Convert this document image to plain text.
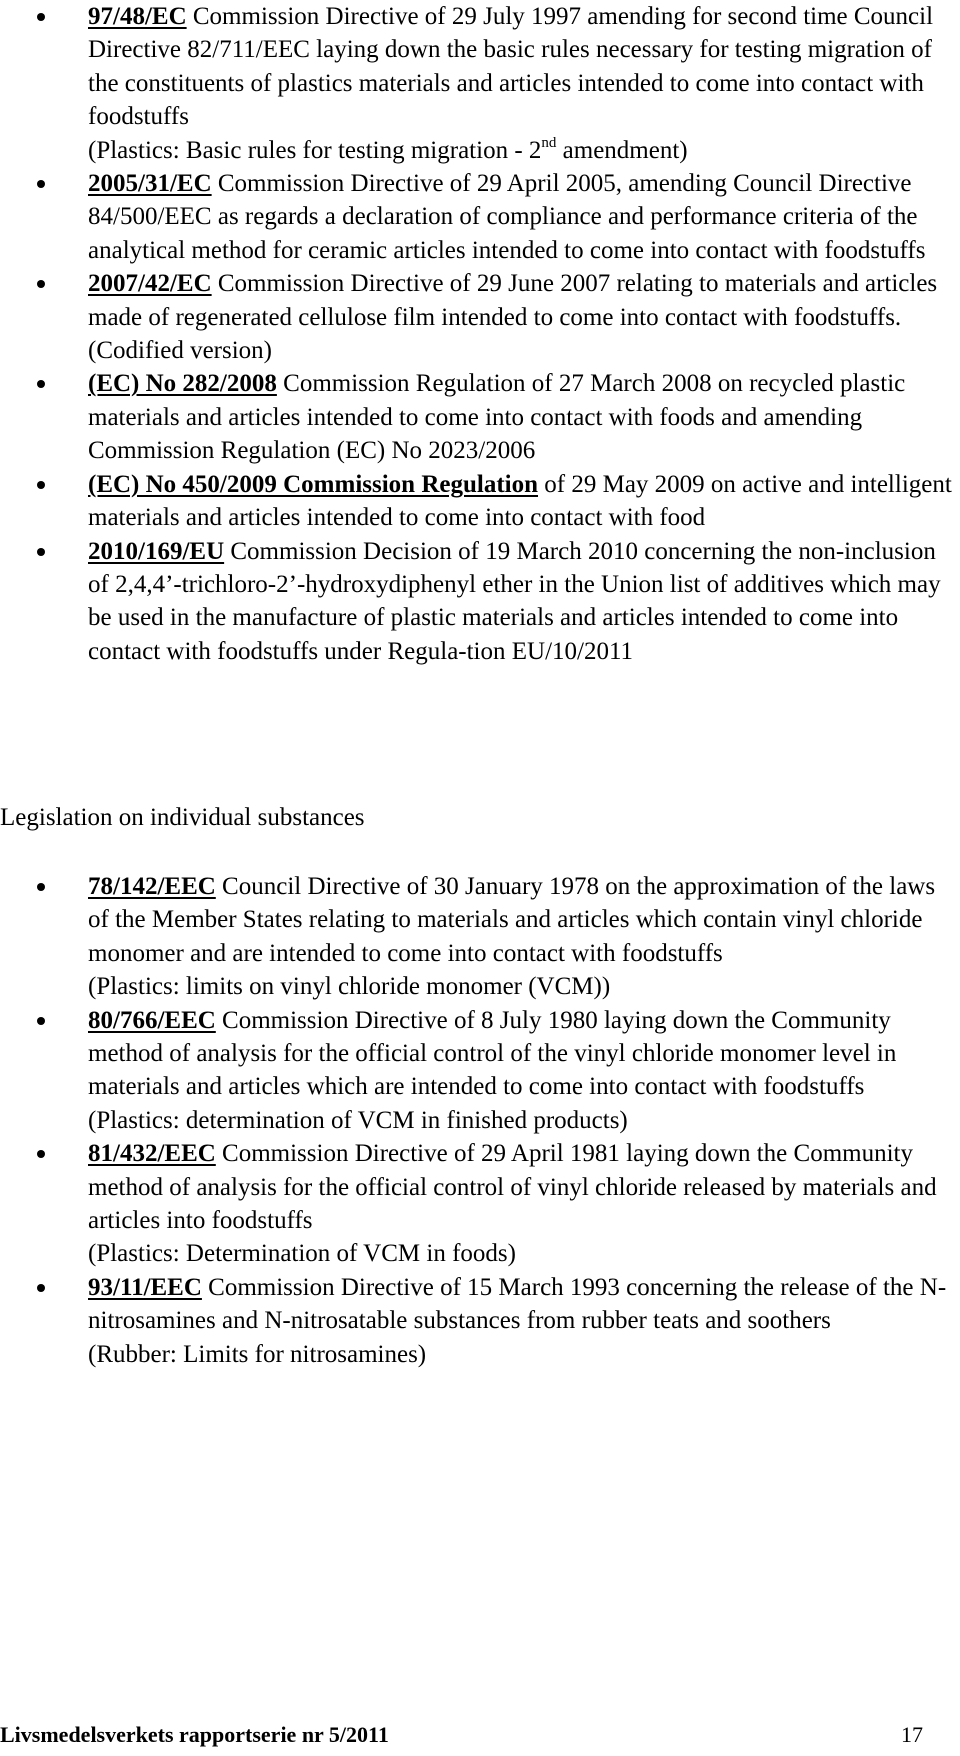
97/48/EC Commission Directive of 29 July 1997 amending for second time Council Directive 82/711/EEC laying down the basic rules necessary for testing migration of the constituents of plastics materials and articles intended to come into contact with foodstuffs
(Plastics: Basic rules for testing migration - 2nd amendment)
2005/31/EC Commission Directive of 29 April 2005, amending Council Directive 84/500/EEC as regards a declaration of compliance and performance criteria of the analytical method for ceramic articles intended to come into contact with foodstuffs
2007/42/EC Commission Directive of 29 June 2007 relating to materials and articles made of regenerated cellulose film intended to come into contact with foodstuffs. (Codified version)
(EC) No 282/2008 Commission Regulation of 27 March 2008 on recycled plastic materials and articles intended to come into contact with foods and amending Commission Regulation (EC) No 2023/2006
(EC) No 450/2009 Commission Regulation of 29 May 2009 on active and intelligent materials and articles intended to come into contact with food
2010/169/EU Commission Decision of 19 March 2010 concerning the non-inclusion of 2,4,4’-trichloro-2’-hydroxydiphenyl ether in the Union list of additives which may be used in the manufacture of plastic materials and articles intended to come into contact with foodstuffs under Regula-tion EU/10/2011
Legislation on individual substances
78/142/EEC Council Directive of 30 January 1978 on the approximation of the laws of the Member States relating to materials and articles which contain vinyl chloride monomer and are intended to come into contact with foodstuffs
(Plastics: limits on vinyl chloride monomer (VCM))
80/766/EEC Commission Directive of 8 July 1980 laying down the Community method of analysis for the official control of the vinyl chloride monomer level in materials and articles which are intended to come into contact with foodstuffs
(Plastics: determination of VCM in finished products)
81/432/EEC Commission Directive of 29 April 1981 laying down the Community method of analysis for the official control of vinyl chloride released by materials and articles into foodstuffs
(Plastics: Determination of VCM in foods)
93/11/EEC Commission Directive of 15 March 1993 concerning the release of the N-nitrosamines and N-nitrosatable substances from rubber teats and soothers
(Rubber: Limits for nitrosamines)
Livsmedelsverkets rapportserie nr 5/2011	17
